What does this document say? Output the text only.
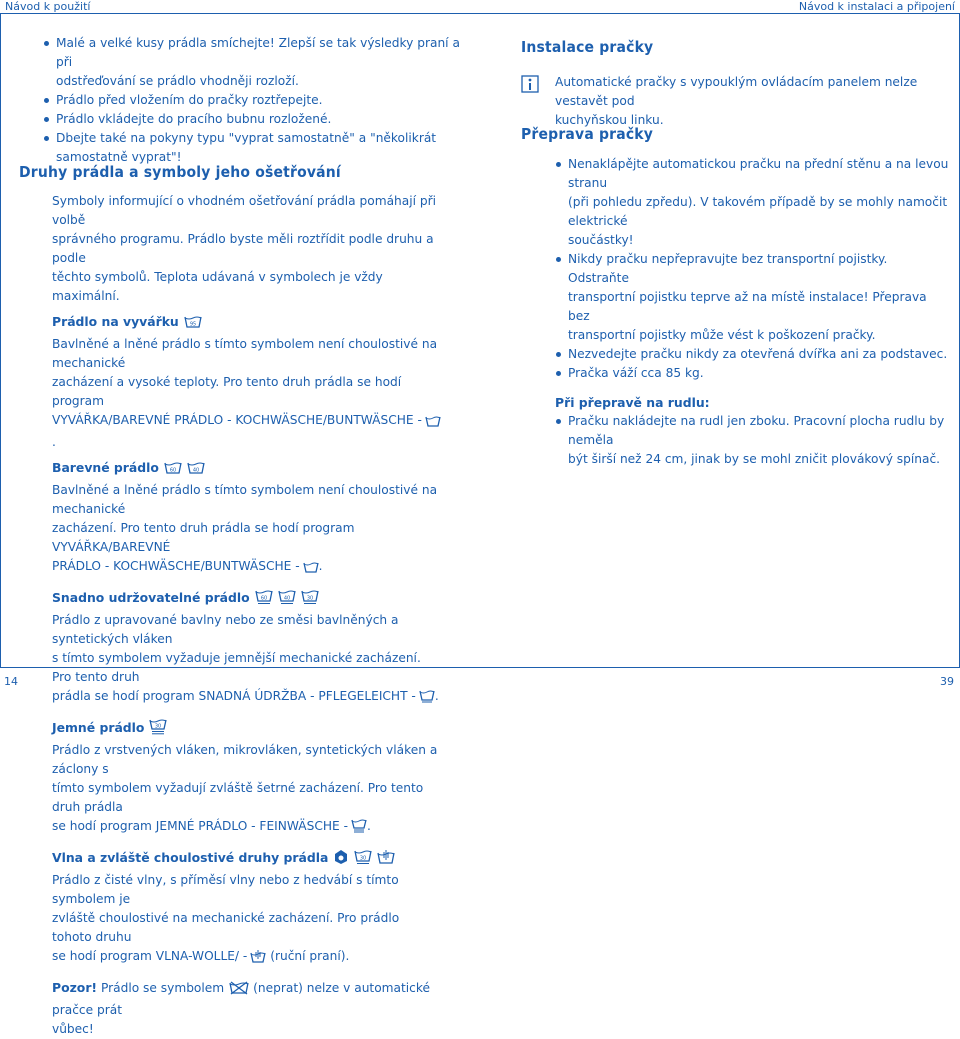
Návod k použití	Návod k instalaci a připojení
Malé a velké kusy prádla smíchejte! Zlepší se tak výsledky praní a při
odstřeďování se prádlo vhodněji rozloží.
Prádlo před vložením do pračky roztřepejte.
Prádlo vkládejte do pracího bubnu rozložené.
Dbejte také na pokyny typu "vyprat samostatně" a "několikrát

samostatně vyprat"!

Druhy prádla a symboly jeho ošetřování

Symboly informující o vhodném ošetřování prádla pomáhají při volbě

správného programu. Prádlo byste měli roztřídit podle druhu a podle

těchto symbolů. Teplota udávaná v symbolech je vždy maximální.

Prádlo na vyvářku 95

Bavlněné a lněné prádlo s tímto symbolem není choulostivé na mechanické

zacházení a vysoké teploty. Pro tento druh prádla se hodí program

VYVÁŘKA/BAREVNÉ PRÁDLO - KOCHWÄSCHE/BUNTWÄSCHE -.

Barevné prádlo 60	40

Bavlněné a lněné prádlo s tímto symbolem není choulostivé na mechanické

zacházení. Pro tento druh prádla se hodí program VYVÁŘKA/BAREVNÉ

PRÁDLO - KOCHWÄSCHE/BUNTWÄSCHE - .

Snadno udržovatelné prádlo 60	40	30

Prádlo z upravované bavlny nebo ze směsi bavlněných a syntetických vláken

s tímto symbolem vyžaduje jemnější mechanické zacházení. Pro tento druh

prádla se hodí program SNADNÁ ÚDRŽBA - PFLEGELEICHT - .

Jemné prádlo 30

Prádlo z vrstvených vláken, mikrovláken, syntetických vláken a záclony s

tímto symbolem vyžadují zvláště šetrné zacházení. Pro tento druh prádla

se hodí program JEMNÉ PRÁDLO - FEINWÄSCHE - .

Vlna a zvláště choulostivé druhy prádla	30

Prádlo z čisté vlny, s příměsí vlny nebo z hedvábí s tímto symbolem je

zvláště choulostivé na mechanické zacházení. Pro prádlo tohoto druhu

se hodí program VLNA-WOLLE/ - (ruční praní).

Pozor! Prádlo se symbolem (neprat) nelze v automatické pračce prát

vůbec!

Instalace pračky

Automatické pračky s vypouklým ovládacím panelem nelze vestavět pod

kuchyňskou linku.

Přeprava pračky
Nenaklápějte automatickou pračku na přední stěnu a na levou stranu
(při pohledu zpředu). V takovém případě by se mohly namočit elektrické
součástky!
Nikdy pračku nepřepravujte bez transportní pojistky. Odstraňte
transportní pojistku teprve až na místě instalace! Přeprava bez
transportní pojistky může vést k poškození pračky.
Nezvedejte pračku nikdy za otevřená dvířka ani za podstavec.
Pračka váží cca 85 kg.

Při přepravě na rudlu:

Pračku nakládejte na rudl jen zboku. Pracovní plocha rudlu by neměla
být širší než 24 cm, jinak by se mohl zničit plovákový spínač.
14	39
